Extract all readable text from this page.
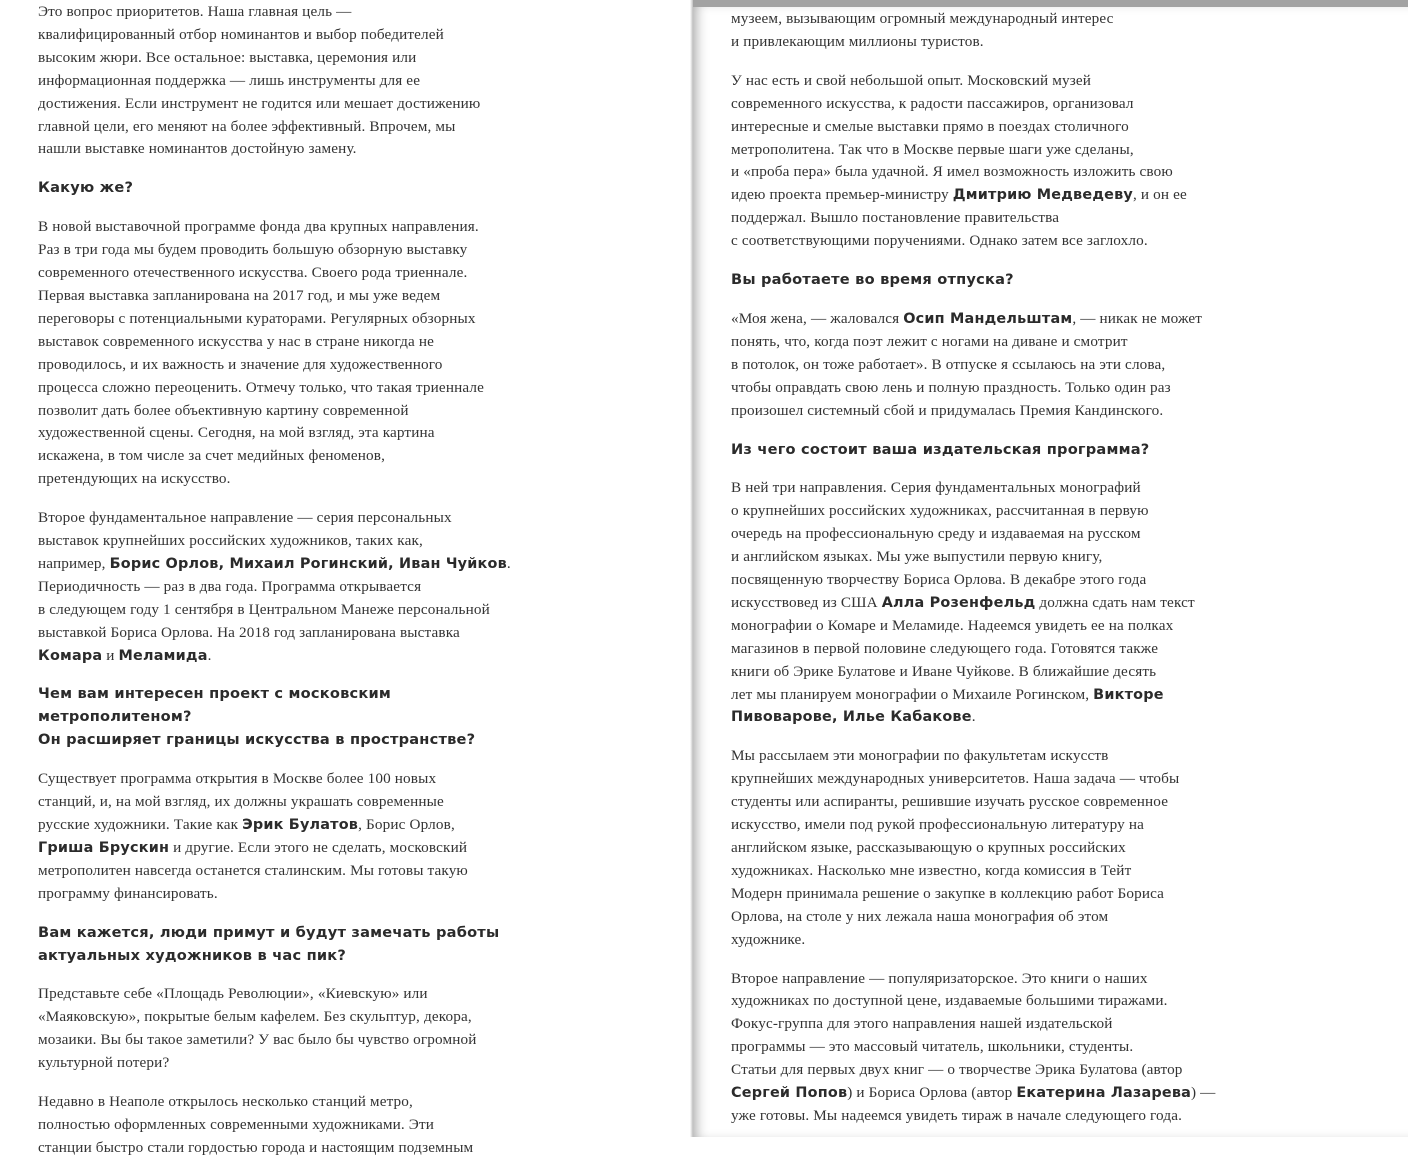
Это вопрос приоритетов. Наша главная цель —
квалифицированный отбор номинантов и выбор победителей
высоким жюри. Все остальное: выставка, церемония или
информационная поддержка — лишь инструменты для ее
достижения. Если инструмент не годится или мешает достижению
главной цели, его меняют на более эффективный. Впрочем, мы
нашли выставке номинантов достойную замену.

Какую же?

В новой выставочной программе фонда два крупных направления.
Раз в три года мы будем проводить большую обзорную выставку
современного отечественного искусства. Своего рода триеннале.
Первая выставка запланирована на 2017 год, и мы уже ведем
переговоры с потенциальными кураторами. Регулярных обзорных
выставок современного искусства у нас в стране никогда не
проводилось, и их важность и значение для художественного
процесса сложно переоценить. Отмечу только, что такая триеннале
позволит дать более объективную картину современной
художественной сцены. Сегодня, на мой взгляд, эта картина
искажена, в том числе за счет медийных феноменов,
претендующих на искусство.

Второе фундаментальное направление — серия персональных
выставок крупнейших российских художников, таких как,
например, Борис Орлов, Михаил Рогинский, Иван Чуйков.
Периодичность — раз в два года. Программа открывается
в следующем году 1 сентября в Центральном Манеже персональной
выставкой Бориса Орлова. На 2018 год запланирована выставка
Комара и Меламида.

Чем вам интересен проект с московским метрополитеном?
Он расширяет границы искусства в пространстве?

Существует программа открытия в Москве более 100 новых
станций, и, на мой взгляд, их должны украшать современные
русские художники. Такие как Эрик Булатов, Борис Орлов,
Гриша Брускин и другие. Если этого не сделать, московский
метрополитен навсегда останется сталинским. Мы готовы такую
программу финансировать.

Вам кажется, люди примут и будут замечать работы
актуальных художников в час пик?

Представьте себе «Площадь Революции», «Киевскую» или
«Маяковскую», покрытые белым кафелем. Без скульптур, декора,
мозаики. Вы бы такое заметили? У вас было бы чувство огромной
культурной потери?

Недавно в Неаполе открылось несколько станций метро,
полностью оформленных современными художниками. Эти
станции быстро стали гордостью города и настоящим подземным

музеем, вызывающим огромный международный интерес
и привлекающим миллионы туристов.

У нас есть и свой небольшой опыт. Московский музей
современного искусства, к радости пассажиров, организовал
интересные и смелые выставки прямо в поездах столичного
метрополитена. Так что в Москве первые шаги уже сделаны,
и «проба пера» была удачной. Я имел возможность изложить свою
идею проекта премьер-министру Дмитрию Медведеву, и он ее
поддержал. Вышло постановление правительства
с соответствующими поручениями. Однако затем все заглохло.

Вы работаете во время отпуска?

«Моя жена, — жаловался Осип Мандельштам, — никак не может
понять, что, когда поэт лежит с ногами на диване и смотрит
в потолок, он тоже работает». В отпуске я ссылаюсь на эти слова,
чтобы оправдать свою лень и полную праздность. Только один раз
произошел системный сбой и придумалась Премия Кандинского.

Из чего состоит ваша издательская программа?

В ней три направления. Серия фундаментальных монографий
о крупнейших российских художниках, рассчитанная в первую
очередь на профессиональную среду и издаваемая на русском
и английском языках. Мы уже выпустили первую книгу,
посвященную творчеству Бориса Орлова. В декабре этого года
искусствовед из США Алла Розенфельд должна сдать нам текст
монографии о Комаре и Меламиде. Надеемся увидеть ее на полках
магазинов в первой половине следующего года. Готовятся также
книги об Эрике Булатове и Иване Чуйкове. В ближайшие десять
лет мы планируем монографии о Михаиле Рогинском, Викторе
Пивоварове, Илье Кабакове.

Мы рассылаем эти монографии по факультетам искусств
крупнейших международных университетов. Наша задача — чтобы
студенты или аспиранты, решившие изучать русское современное
искусство, имели под рукой профессиональную литературу на
английском языке, рассказывающую о крупных российских
художниках. Насколько мне известно, когда комиссия в Тейт
Модерн принимала решение о закупке в коллекцию работ Бориса
Орлова, на столе у них лежала наша монография об этом
художнике.

Второе направление — популяризаторское. Это книги о наших
художниках по доступной цене, издаваемые большими тиражами.
Фокус-группа для этого направления нашей издательской
программы — это массовый читатель, школьники, студенты.
Статьи для первых двух книг — о творчестве Эрика Булатова (автор
Сергей Попов) и Бориса Орлова (автор Екатерина Лазарева) —
уже готовы. Мы надеемся увидеть тираж в начале следующего года.
